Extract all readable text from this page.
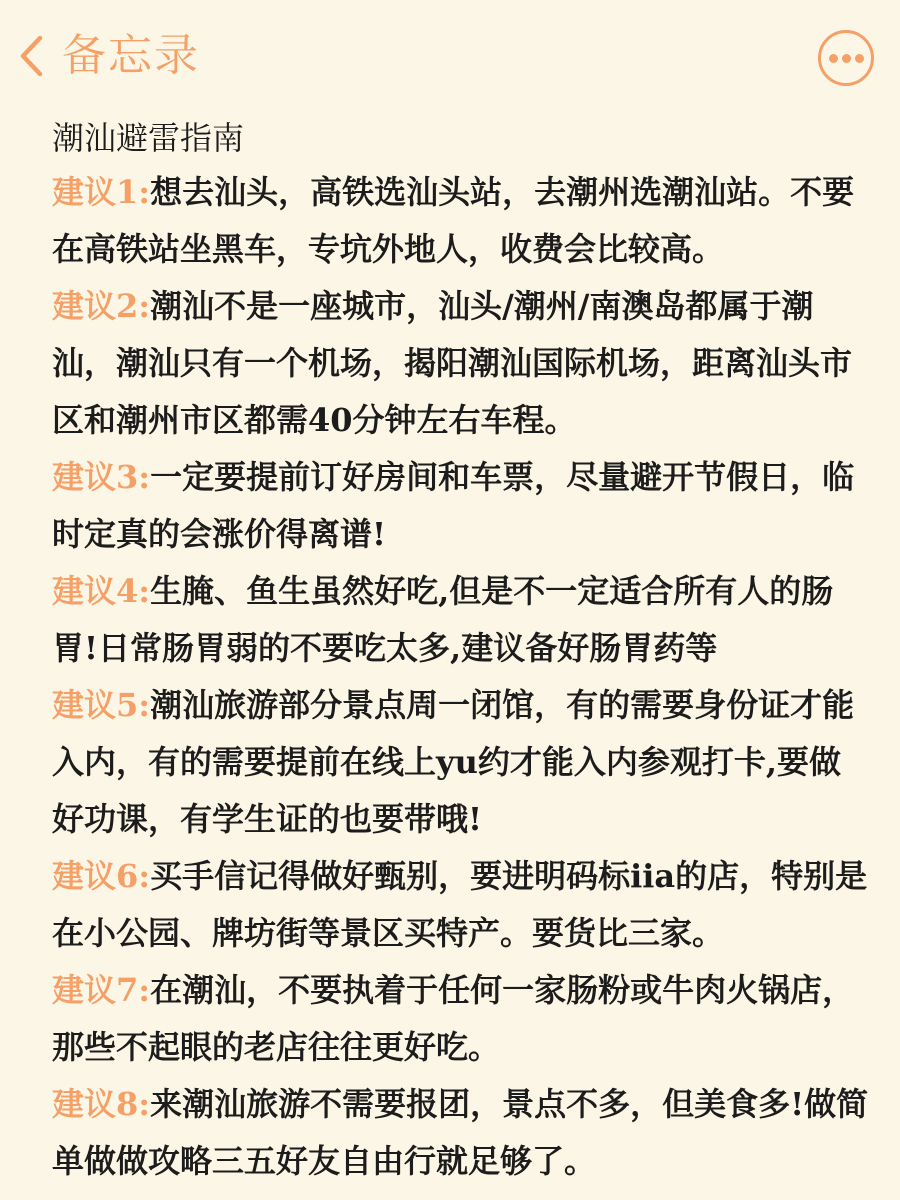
备忘录
潮汕避雷指南
建议1:想去汕头，高铁选汕头站，去潮州选潮汕站。不要在高铁站坐黑车，专坑外地人，收费会比较高。
建议2:潮汕不是一座城市，汕头/潮州/南澳岛都属于潮汕，潮汕只有一个机场，揭阳潮汕国际机场，距离汕头市区和潮州市区都需40分钟左右车程。
建议3:一定要提前订好房间和车票，尽量避开节假日，临时定真的会涨价得离谱!
建议4:生腌、鱼生虽然好吃,但是不一定适合所有人的肠胃!日常肠胃弱的不要吃太多,建议备好肠胃药等
建议5:潮汕旅游部分景点周一闭馆，有的需要身份证才能入内，有的需要提前在线上yu约才能入内参观打卡,要做好功课，有学生证的也要带哦!
建议6:买手信记得做好甄别，要进明码标iia的店，特别是在小公园、牌坊街等景区买特产。要货比三家。
建议7:在潮汕，不要执着于任何一家肠粉或牛肉火锅店，那些不起眼的老店往往更好吃。
建议8:来潮汕旅游不需要报团，景点不多，但美食多!做简单做做攻略三五好友自由行就足够了。
